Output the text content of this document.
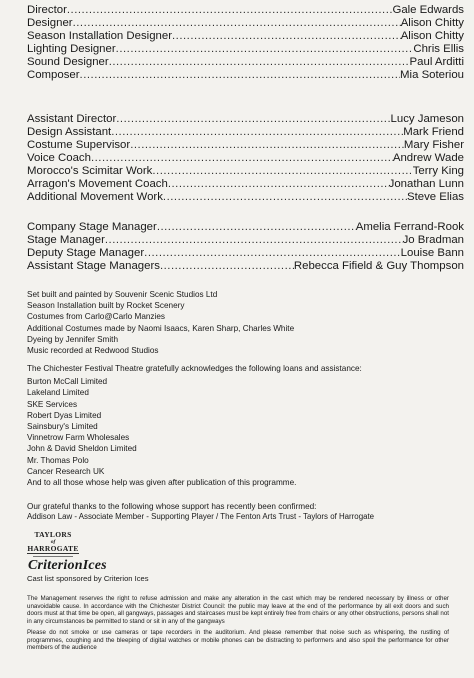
Director .....	Gale Edwards
Designer .....	Alison Chitty
Season Installation Designer .....	Alison Chitty
Lighting Designer .....	Chris Ellis
Sound Designer .....	Paul Arditti
Composer .....	Mia Soteriou
Assistant Director .....	Lucy Jameson
Design Assistant .....	Mark Friend
Costume Supervisor .....	Mary Fisher
Voice Coach .....	Andrew Wade
Morocco's Scimitar Work .....	Terry King
Arragon's Movement Coach .....	Jonathan Lunn
Additional Movement Work .....	Steve Elias
Company Stage Manager .....	Amelia Ferrand-Rook
Stage Manager .....	Jo Bradman
Deputy Stage Manager .....	Louise Bann
Assistant Stage Managers .....	Rebecca Fifield & Guy Thompson
Set built and painted by Souvenir Scenic Studios Ltd
Season Installation built by Rocket Scenery
Costumes from Carlo@Carlo Manzies
Additional Costumes made by Naomi Isaacs, Karen Sharp, Charles White
Dyeing by Jennifer Smith
Music recorded at Redwood Studios
The Chichester Festival Theatre gratefully acknowledges the following loans and assistance:
Burton McCall Limited
Lakeland Limited
SKE Services
Robert Dyas Limited
Sainsbury's Limited
Vinnetrow Farm Wholesales
John & David Sheldon Limited
Mr. Thomas Polo
Cancer Research UK
And to all those whose help was given after publication of this programme.
Our grateful thanks to the following whose support has recently been confirmed:
Addison Law - Associate Member - Supporting Player / The Fenton Arts Trust - Taylors of Harrogate
TAYLORS
of
HARROGATE
CriterionIces
Cast list sponsored by Criterion Ices
The Management reserves the right to refuse admission and make any alteration in the cast which may be rendered necessary by illness or other unavoidable cause. In accordance with the Chichester District Council: the public may leave at the end of the performance by all exit doors and such doors must at that time be open, all gangways, passages and staircases must be kept entirely free from chairs or any other obstructions, persons shall not in any circumstances be permitted to stand or sit in any of the gangways
Please do not smoke or use cameras or tape recorders in the auditorium. And please remember that noise such as whispering, the rustling of programmes, coughing and the bleeping of digital watches or mobile phones can be distracting to performers and also spoil the performance for other members of the audience
